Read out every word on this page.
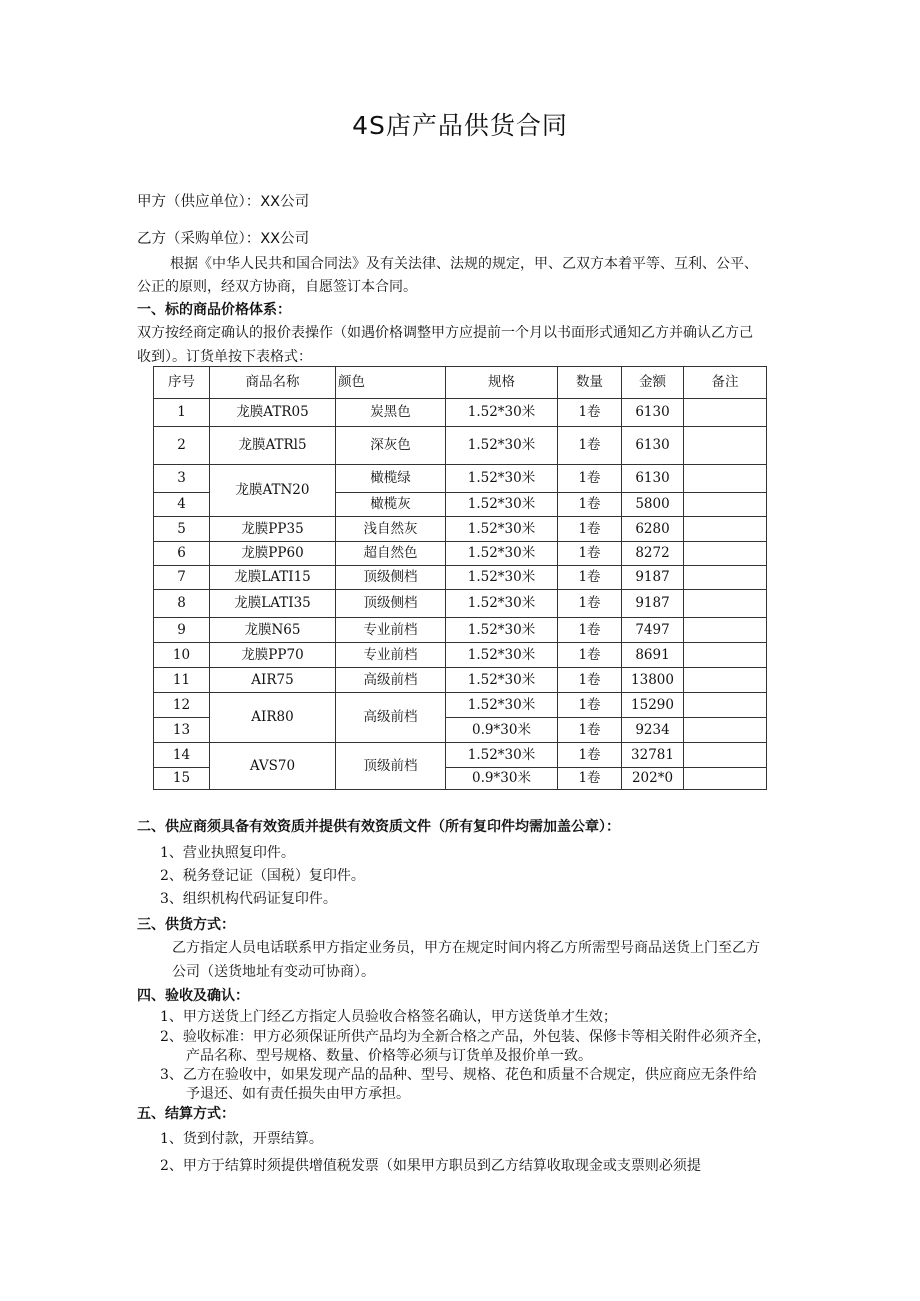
4S店产品供货合同
甲方（供应单位）：XX公司
乙方（采购单位）：XX公司
根据《中华人民共和国合同法》及有关法律、法规的规定，甲、乙双方本着平等、互利、公平、
公正的原则，经双方协商，自愿签订本合同。
一、标的商品价格体系：
双方按经商定确认的报价表操作（如遇价格调整甲方应提前一个月以书面形式通知乙方并确认乙方己
收到）。订货单按下表格式：
序号	商品名称	颜色	规格	数量	金额	备注
1	龙膜ATR05	炭黑色	1.52*30米	1卷	6130	
2	龙膜ATRl5	深灰色	1.52*30米	1卷	6130	
3	龙膜ATN20	橄榄绿	1.52*30米	1卷	6130	
4		橄榄灰	1.52*30米	1卷	5800	
5	龙膜PP35	浅自然灰	1.52*30米	1卷	6280	
6	龙膜PP60	超自然色	1.52*30米	1卷	8272	
7	龙膜LATI15	顶级侧档	1.52*30米	1卷	9187	
8	龙膜LATI35	顶级侧档	1.52*30米	1卷	9187	
9	龙膜N65	专业前档	1.52*30米	1卷	7497	
10	龙膜PP70	专业前档	1.52*30米	1卷	8691	
11	AIR75	高级前档	1.52*30米	1卷	13800	
12	AIR80	高级前档	1.52*30米	1卷	15290	
13			0.9*30米	1卷	9234	
14	AVS70	顶级前档	1.52*30米	1卷	32781	
15			0.9*30米	1卷	202*0	
二、供应商须具备有效资质并提供有效资质文件（所有复印件均需加盖公章）：
1、营业执照复印件。
2、税务登记证（国税）复印件。
3、组织机构代码证复印件。
三、供货方式：
乙方指定人员电话联系甲方指定业务员，甲方在规定时间内将乙方所需型号商品送货上门至乙方
公司（送货地址有变动可协商）。
四、验收及确认：
1、甲方送货上门经乙方指定人员验收合格签名确认，甲方送货单才生效；
2、验收标准：甲方必须保证所供产品均为全新合格之产品，外包装、保修卡等相关附件必须齐全，
产品名称、型号规格、数量、价格等必须与订货单及报价单一致。
3、乙方在验收中，如果发现产品的品种、型号、规格、花色和质量不合规定，供应商应无条件给
予退还、如有责任损失由甲方承担。
五、结算方式：
1、货到付款，开票结算。
2、甲方于结算时须提供增值税发票（如果甲方职员到乙方结算收取现金或支票则必须提
